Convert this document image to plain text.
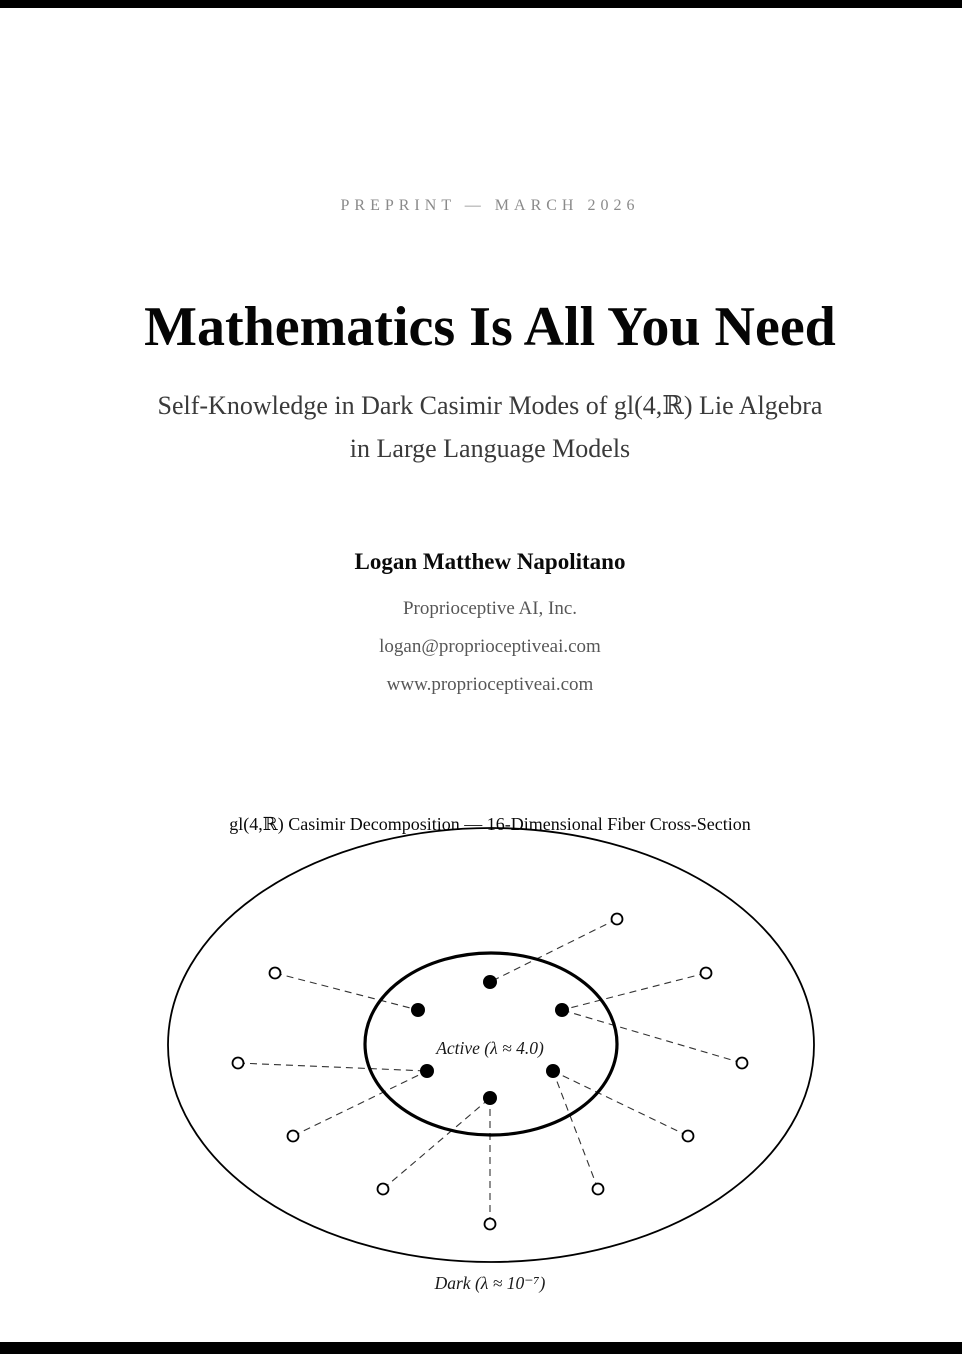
PREPRINT — MARCH 2026
Mathematics Is All You Need
Self-Knowledge in Dark Casimir Modes of gl(4,ℝ) Lie Algebra
in Large Language Models
Logan Matthew Napolitano
Proprioceptive AI, Inc.
logan@proprioceptiveai.com
www.proprioceptiveai.com
gl(4,ℝ) Casimir Decomposition — 16-Dimensional Fiber Cross-Section
Active (λ ≈ 4.0)
Dark (λ ≈ 10⁻⁷)
